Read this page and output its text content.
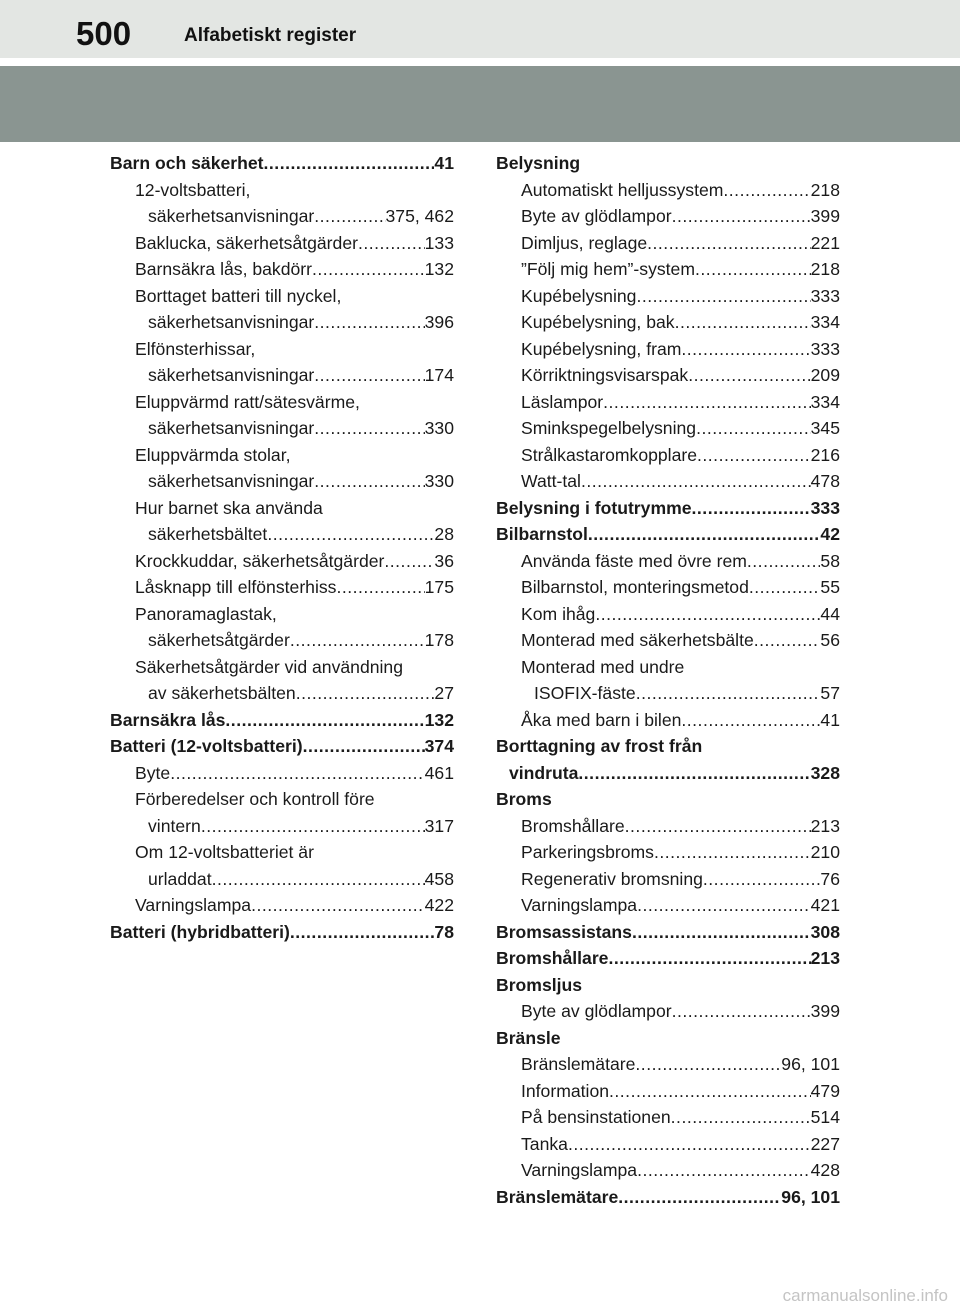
500	Alfabetiskt register
Barn och säkerhet .....	41
12-voltsbatteri,
säkerhetsanvisningar .....	375, 462
Baklucka, säkerhetsåtgärder .....	133
Barnsäkra lås, bakdörr .....	132
Borttaget batteri till nyckel,
säkerhetsanvisningar .....	396
Elfönsterhissar,
säkerhetsanvisningar .....	174
Eluppvärmd ratt/sätesvärme,
säkerhetsanvisningar .....	330
Eluppvärmda stolar,
säkerhetsanvisningar .....	330
Hur barnet ska använda
säkerhetsbältet .....	28
Krockkuddar, säkerhetsåtgärder .....	36
Låsknapp till elfönsterhiss .....	175
Panoramaglastak,
säkerhetsåtgärder .....	178
Säkerhetsåtgärder vid användning
av säkerhetsbälten .....	27
Barnsäkra lås .....	132
Batteri (12-voltsbatteri) .....	374
Byte .....	461
Förberedelser och kontroll före
vintern .....	317
Om 12-voltsbatteriet är
urladdat .....	458
Varningslampa .....	422
Batteri (hybridbatteri) .....	78
Belysning
Automatiskt helljussystem .....	218
Byte av glödlampor .....	399
Dimljus, reglage .....	221
”Följ mig hem”-system .....	218
Kupébelysning .....	333
Kupébelysning, bak .....	334
Kupébelysning, fram .....	333
Körriktningsvisarspak .....	209
Läslampor .....	334
Sminkspegelbelysning .....	345
Strålkastaromkopplare .....	216
Watt-tal .....	478
Belysning i fotutrymme .....	333
Bilbarnstol .....	42
Använda fäste med övre rem .....	58
Bilbarnstol, monteringsmetod .....	55
Kom ihåg .....	44
Monterad med säkerhetsbälte .....	56
Monterad med undre
ISOFIX-fäste .....	57
Åka med barn i bilen .....	41
Borttagning av frost från
vindruta .....	328
Broms
Bromshållare .....	213
Parkeringsbroms .....	210
Regenerativ bromsning .....	76
Varningslampa .....	421
Bromsassistans .....	308
Bromshållare .....	213
Bromsljus
Byte av glödlampor .....	399
Bränsle
Bränslemätare .....	96, 101
Information .....	479
På bensinstationen .....	514
Tanka .....	227
Varningslampa .....	428
Bränslemätare .....	96, 101
carmanualsonline.info
